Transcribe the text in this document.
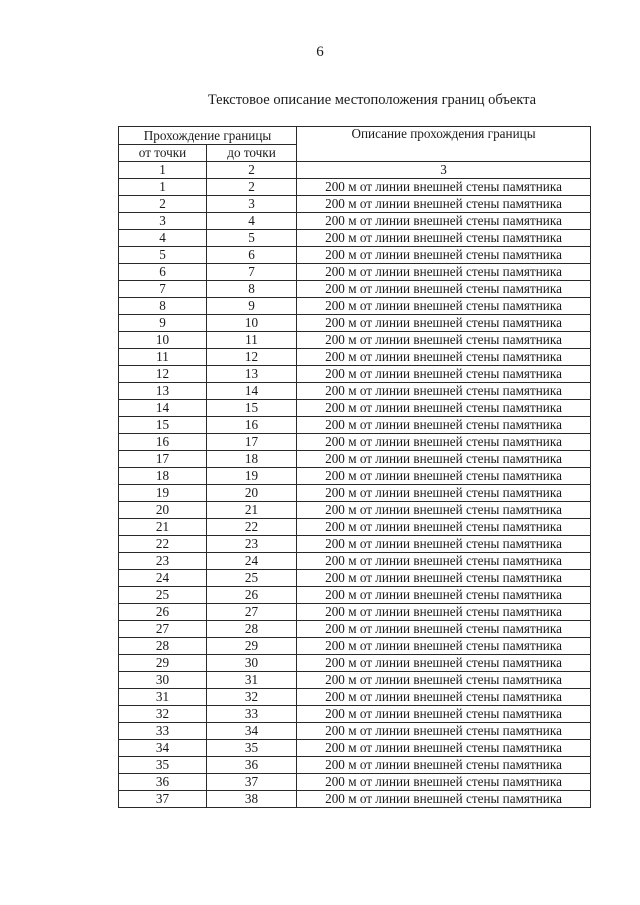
6
Текстовое описание местоположения границ объекта
Прохождение границы		Описание прохождения границы
от точки	до точки	
1	2	3
1	2	200 м от линии внешней стены памятника
2	3	200 м от линии внешней стены памятника
3	4	200 м от линии внешней стены памятника
4	5	200 м от линии внешней стены памятника
5	6	200 м от линии внешней стены памятника
6	7	200 м от линии внешней стены памятника
7	8	200 м от линии внешней стены памятника
8	9	200 м от линии внешней стены памятника
9	10	200 м от линии внешней стены памятника
10	11	200 м от линии внешней стены памятника
11	12	200 м от линии внешней стены памятника
12	13	200 м от линии внешней стены памятника
13	14	200 м от линии внешней стены памятника
14	15	200 м от линии внешней стены памятника
15	16	200 м от линии внешней стены памятника
16	17	200 м от линии внешней стены памятника
17	18	200 м от линии внешней стены памятника
18	19	200 м от линии внешней стены памятника
19	20	200 м от линии внешней стены памятника
20	21	200 м от линии внешней стены памятника
21	22	200 м от линии внешней стены памятника
22	23	200 м от линии внешней стены памятника
23	24	200 м от линии внешней стены памятника
24	25	200 м от линии внешней стены памятника
25	26	200 м от линии внешней стены памятника
26	27	200 м от линии внешней стены памятника
27	28	200 м от линии внешней стены памятника
28	29	200 м от линии внешней стены памятника
29	30	200 м от линии внешней стены памятника
30	31	200 м от линии внешней стены памятника
31	32	200 м от линии внешней стены памятника
32	33	200 м от линии внешней стены памятника
33	34	200 м от линии внешней стены памятника
34	35	200 м от линии внешней стены памятника
35	36	200 м от линии внешней стены памятника
36	37	200 м от линии внешней стены памятника
37	38	200 м от линии внешней стены памятника
